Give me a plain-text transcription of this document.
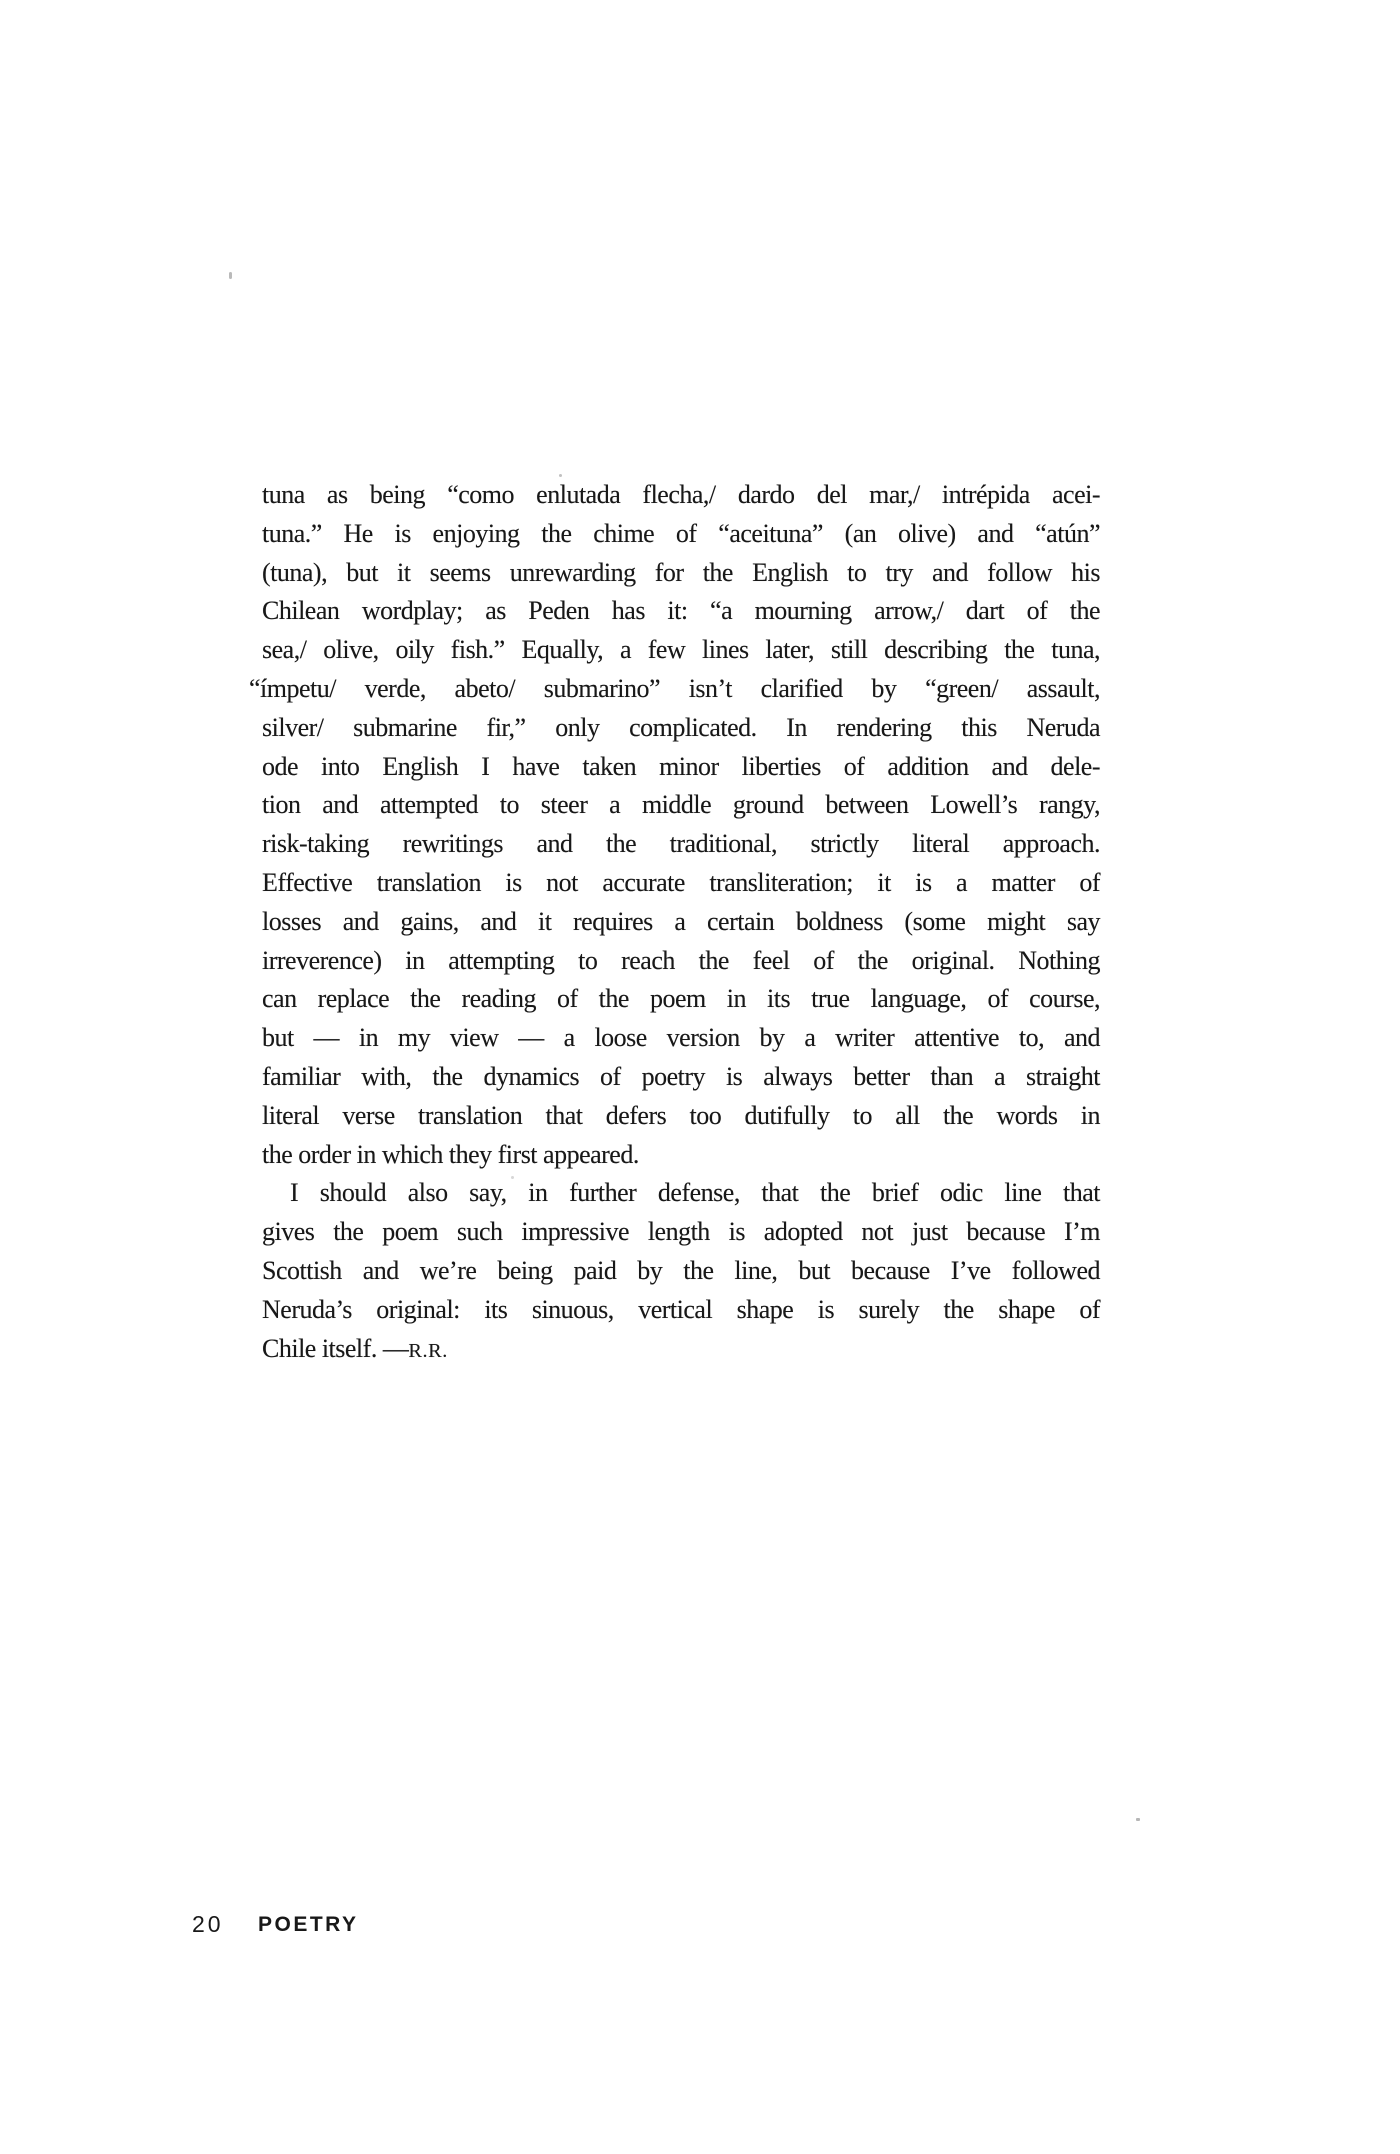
tuna as being “como enlutada flecha,/ dardo del mar,/ intrépida acei-
tuna.” He is enjoying the chime of “aceituna” (an olive) and “atún”
(tuna), but it seems unrewarding for the English to try and follow his
Chilean wordplay; as Peden has it: “a mourning arrow,/ dart of the
sea,/ olive, oily fish.” Equally, a few lines later, still describing the tuna,
“ímpetu/ verde, abeto/ submarino” isn’t clarified by “green/ assault,
silver/ submarine fir,” only complicated. In rendering this Neruda
ode into English I have taken minor liberties of addition and dele-
tion and attempted to steer a middle ground between Lowell’s rangy,
risk-taking rewritings and the traditional, strictly literal approach.
Effective translation is not accurate transliteration; it is a matter of
losses and gains, and it requires a certain boldness (some might say
irreverence) in attempting to reach the feel of the original. Nothing
can replace the reading of the poem in its true language, of course,
but — in my view — a loose version by a writer attentive to, and
familiar with, the dynamics of poetry is always better than a straight
literal verse translation that defers too dutifully to all the words in
the order in which they first appeared.
I should also say, in further defense, that the brief odic line that
gives the poem such impressive length is adopted not just because I’m
Scottish and we’re being paid by the line, but because I’ve followed
Neruda’s original: its sinuous, vertical shape is surely the shape of
Chile itself. —R.R.
20 POETRY
